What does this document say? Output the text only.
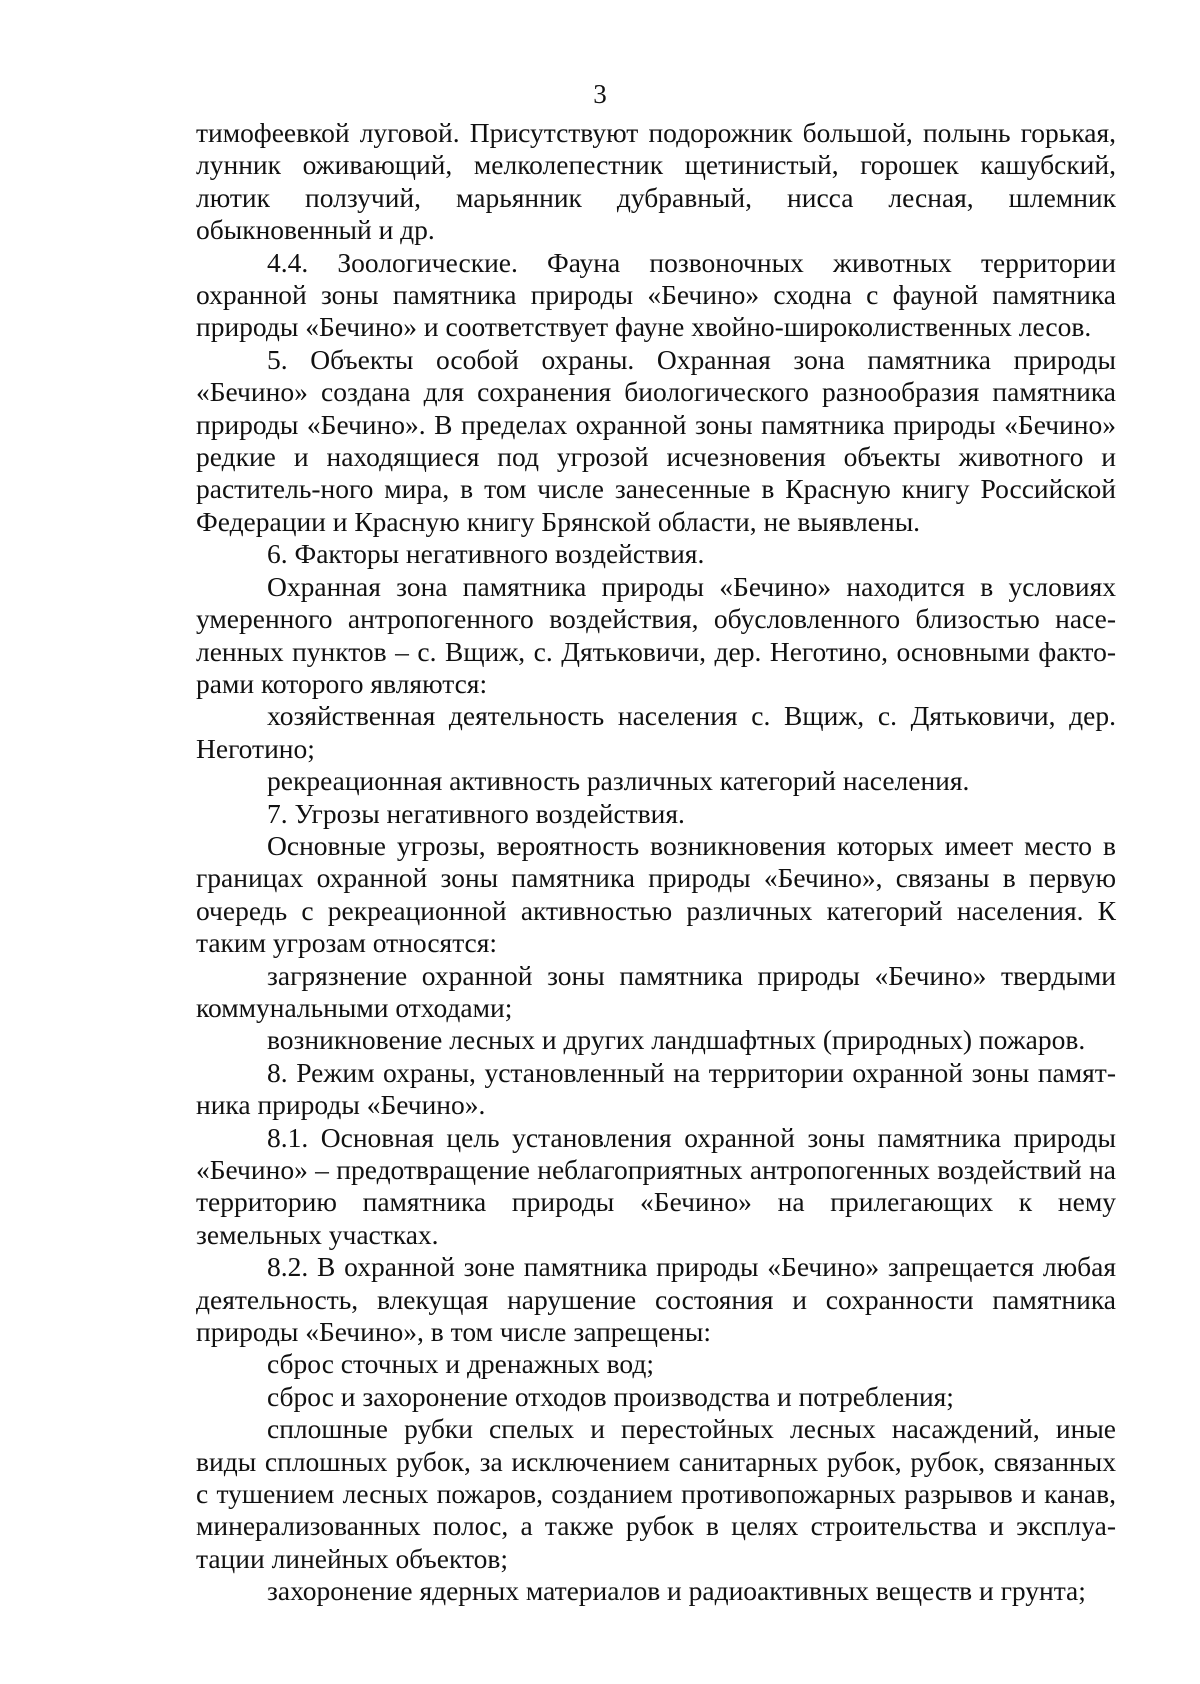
3

тимофеевкой луговой. Присутствуют подорожник большой, полынь горькая, лунник оживающий, мелколепестник щетинистый, горошек кашубский, лютик ползучий, марьянник дубравный, нисса лесная, шлемник обыкновенный и др.

4.4. Зоологические. Фауна позвоночных животных территории охранной зоны памятника природы «Бечино» сходна с фауной памятника природы «Бечино» и соответствует фауне хвойно-широколиственных лесов.

5. Объекты особой охраны. Охранная зона памятника природы «Бечино» создана для сохранения биологического разнообразия памятника природы «Бечино». В пределах охранной зоны памятника природы «Бечино» редкие и находящиеся под угрозой исчезновения объекты животного и раститель-ного мира, в том числе занесенные в Красную книгу Российской Федерации и Красную книгу Брянской области, не выявлены.

6. Факторы негативного воздействия.

Охранная зона памятника природы «Бечино» находится в условиях умеренного антропогенного воздействия, обусловленного близостью насе-ленных пунктов – с. Вщиж, с. Дятьковичи, дер. Неготино, основными факто-рами которого являются:

хозяйственная деятельность населения с. Вщиж, с. Дятьковичи, дер. Неготино;

рекреационная активность различных категорий населения.

7. Угрозы негативного воздействия.

Основные угрозы, вероятность возникновения которых имеет место в границах охранной зоны памятника природы «Бечино», связаны в первую очередь с рекреационной активностью различных категорий населения. К таким угрозам относятся:

загрязнение охранной зоны памятника природы «Бечино» твердыми коммунальными отходами;

возникновение лесных и других ландшафтных (природных) пожаров.

8. Режим охраны, установленный на территории охранной зоны памят-ника природы «Бечино».

8.1. Основная цель установления охранной зоны памятника природы «Бечино» – предотвращение неблагоприятных антропогенных воздействий на территорию памятника природы «Бечино» на прилегающих к нему земельных участках.

8.2. В охранной зоне памятника природы «Бечино» запрещается любая деятельность, влекущая нарушение состояния и сохранности памятника природы «Бечино», в том числе запрещены:

сброс сточных и дренажных вод;

сброс и захоронение отходов производства и потребления;

сплошные рубки спелых и перестойных лесных насаждений, иные виды сплошных рубок, за исключением санитарных рубок, рубок, связанных с тушением лесных пожаров, созданием противопожарных разрывов и канав, минерализованных полос, а также рубок в целях строительства и эксплуа-тации линейных объектов;

захоронение ядерных материалов и радиоактивных веществ и грунта;
